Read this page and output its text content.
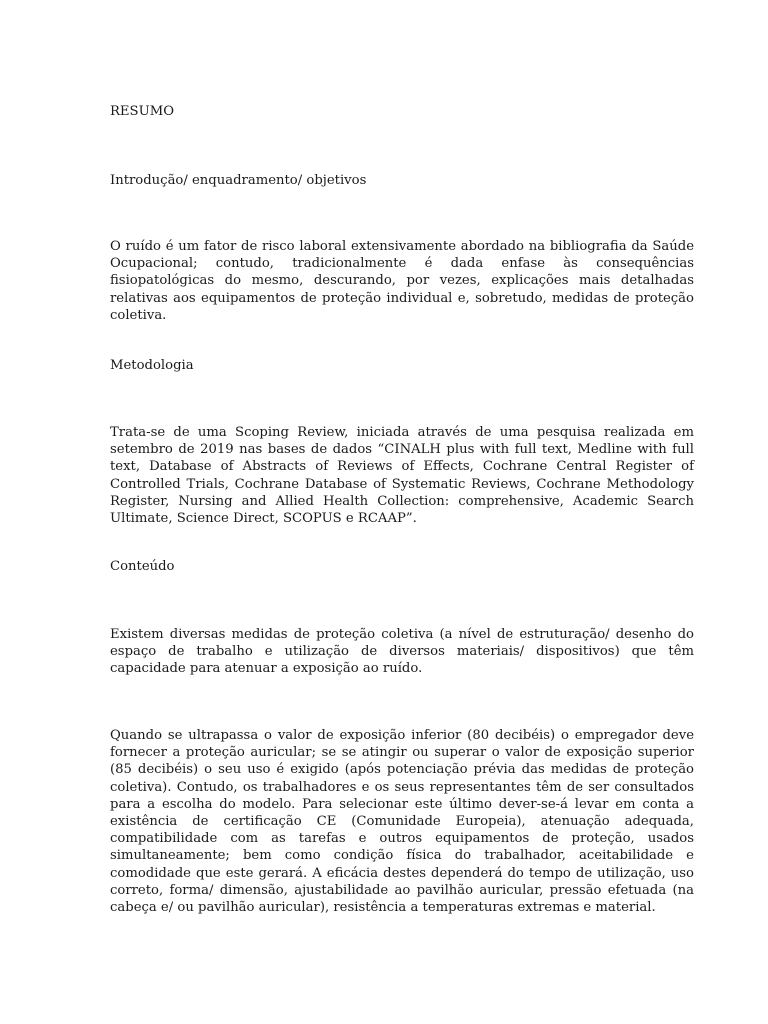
RESUMO
Introdução/ enquadramento/ objetivos

O ruído é um fator de risco laboral extensivamente abordado na bibliografia da Saúde Ocupacional; contudo, tradicionalmente é dada enfase às consequências fisiopatológicas do mesmo, descurando, por vezes, explicações mais detalhadas relativas aos equipamentos de proteção individual e, sobretudo, medidas de proteção coletiva.

Metodologia

Trata-se de uma Scoping Review, iniciada através de uma pesquisa realizada em setembro de 2019 nas bases de dados “CINALH plus with full text, Medline with full text, Database of Abstracts of Reviews of Effects, Cochrane Central Register of Controlled Trials, Cochrane Database of Systematic Reviews, Cochrane Methodology Register, Nursing and Allied Health Collection: comprehensive, Academic Search Ultimate, Science Direct, SCOPUS e RCAAP”.

Conteúdo

Existem diversas medidas de proteção coletiva (a nível de estruturação/ desenho do espaço de trabalho e utilização de diversos materiais/ dispositivos) que têm capacidade para atenuar a exposição ao ruído.

Quando se ultrapassa o valor de exposição inferior (80 decibéis) o empregador deve fornecer a proteção auricular; se se atingir ou superar o valor de exposição superior (85 decibéis) o seu uso é exigido (após potenciação prévia das medidas de proteção coletiva). Contudo, os trabalhadores e os seus representantes têm de ser consultados para a escolha do modelo. Para selecionar este último dever-se-á levar em conta a existência de certificação CE (Comunidade Europeia), atenuação adequada, compatibilidade com as tarefas e outros equipamentos de proteção, usados simultaneamente; bem como condição física do trabalhador, aceitabilidade e comodidade que este gerará. A eficácia destes dependerá do tempo de utilização, uso correto, forma/ dimensão, ajustabilidade ao pavilhão auricular, pressão efetuada (na cabeça e/ ou pavilhão auricular), resistência a temperaturas extremas e material.
